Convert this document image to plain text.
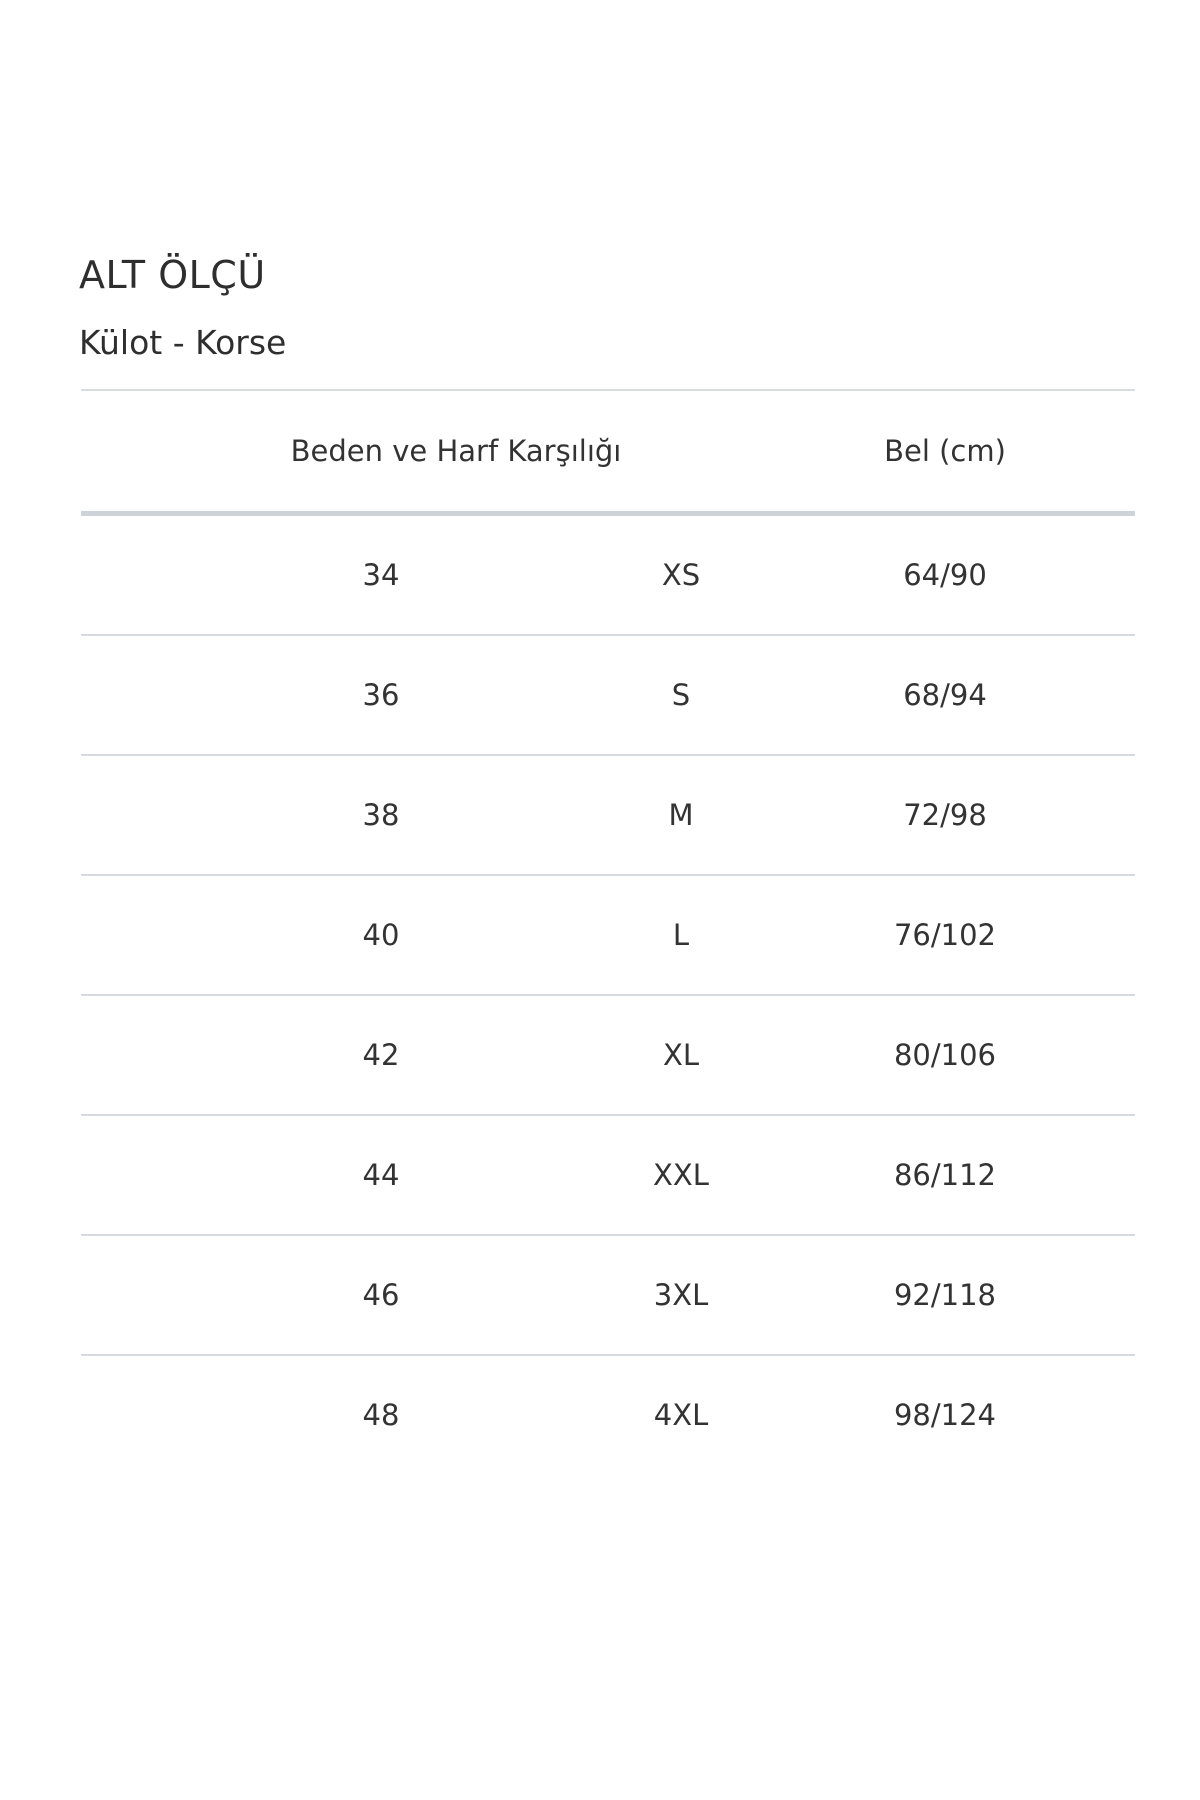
ALT ÖLÇÜ
Külot - Korse
Beden ve Harf Karşılığı	Bel (cm)
34	XS	64/90
36	S	68/94
38	M	72/98
40	L	76/102
42	XL	80/106
44	XXL	86/112
46	3XL	92/118
48	4XL	98/124
